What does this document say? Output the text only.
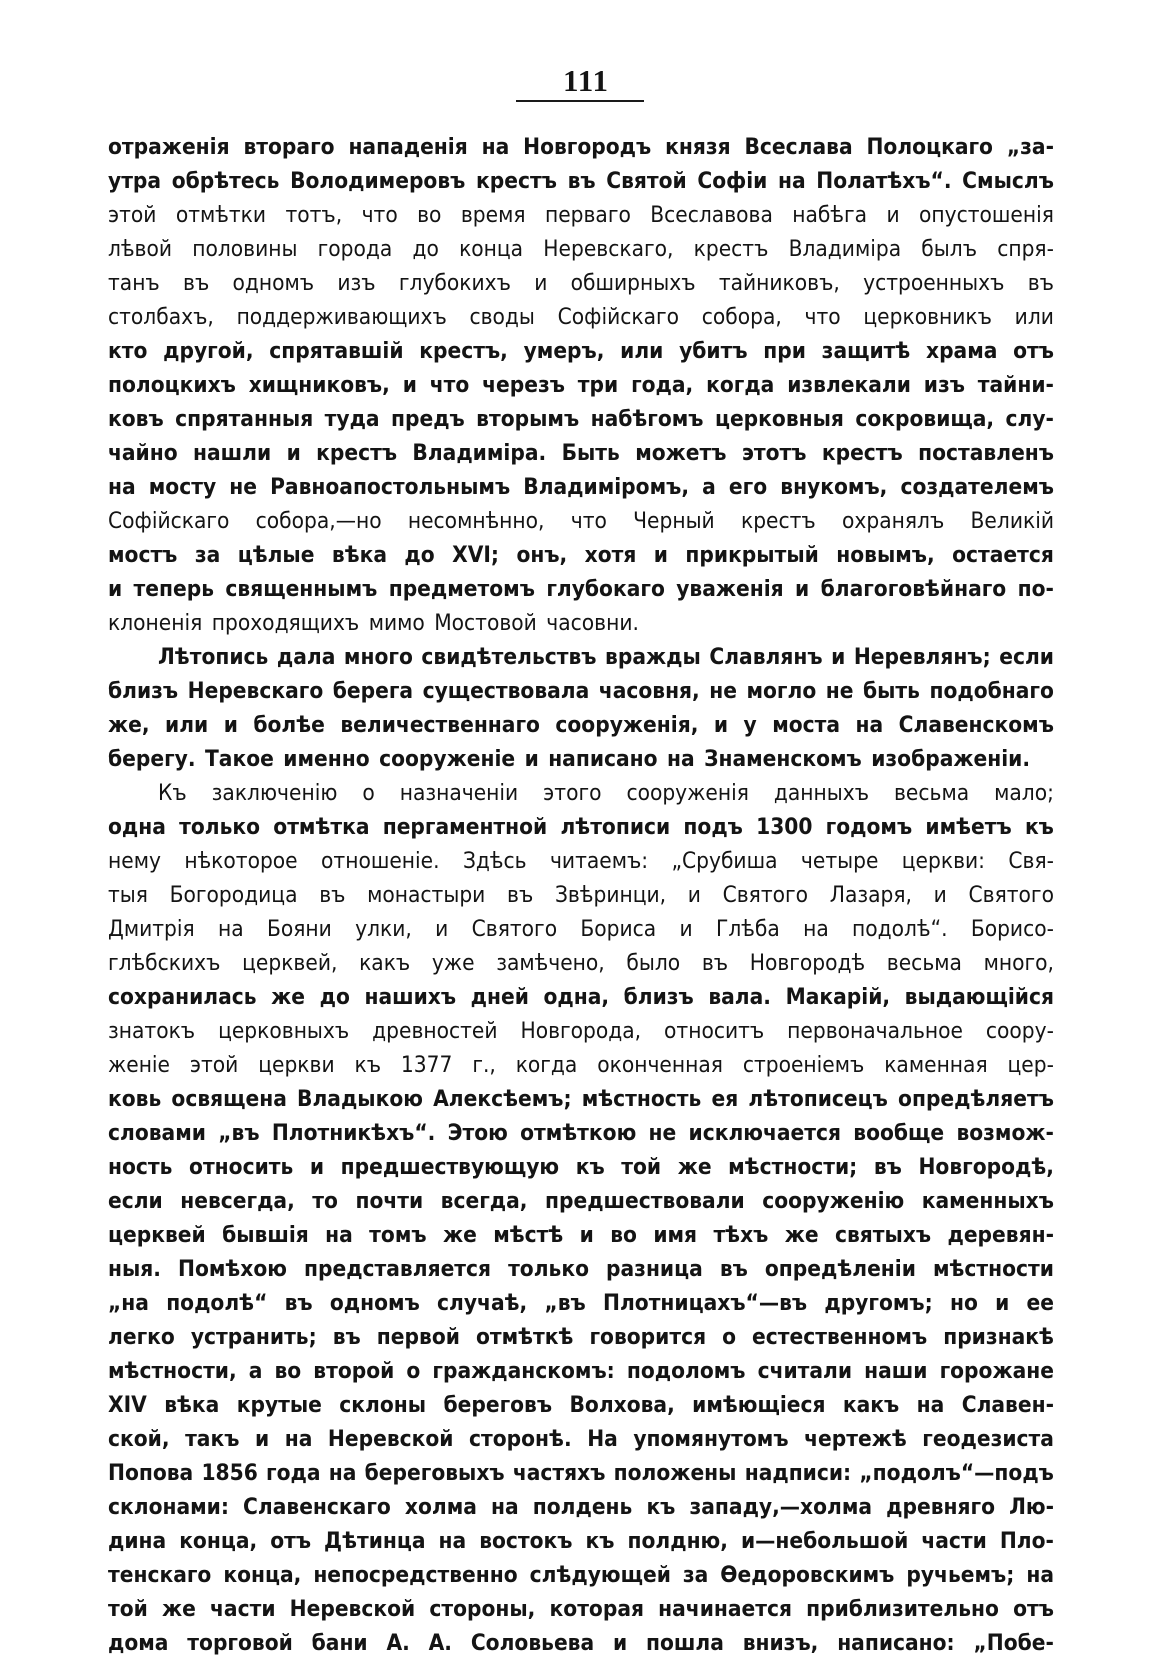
111
отраженія втораго нападенія на Новгородъ князя Всеслава Полоцкаго „за-
утра обрѣтесь Володимеровъ крестъ въ Святой Софіи на Полатѣхъ“. Смыслъ
этой отмѣтки тотъ, что во время перваго Всеславова набѣга и опустошенія
лѣвой половины города до конца Неревскаго, крестъ Владиміра былъ спря-
танъ въ одномъ изъ глубокихъ и обширныхъ тайниковъ, устроенныхъ въ
столбахъ, поддерживающихъ своды Софійскаго собора, что церковникъ или
кто другой, спрятавшій крестъ, умеръ, или убитъ при защитѣ храма отъ
полоцкихъ хищниковъ, и что черезъ три года, когда извлекали изъ тайни-
ковъ спрятанныя туда предъ вторымъ набѣгомъ церковныя сокровища, слу-
чайно нашли и крестъ Владиміра. Быть можетъ этотъ крестъ поставленъ
на мосту не Равноапостольнымъ Владиміромъ, а его внукомъ, создателемъ
Софійскаго собора,—но несомнѣнно, что Черный крестъ охранялъ Великій
мостъ за цѣлые вѣка до XVI; онъ, хотя и прикрытый новымъ, остается
и теперь священнымъ предметомъ глубокаго уваженія и благоговѣйнаго по-
клоненія проходящихъ мимо Мостовой часовни.
Лѣтопись дала много свидѣтельствъ вражды Славлянъ и Неревлянъ; если
близъ Неревскаго берега существовала часовня, не могло не быть подобнаго
же, или и болѣе величественнаго сооруженія, и у моста на Славенскомъ
берегу. Такое именно сооруженіе и написано на Знаменскомъ изображеніи.
Къ заключенію о назначеніи этого сооруженія данныхъ весьма мало;
одна только отмѣтка пергаментной лѣтописи подъ 1300 годомъ имѣетъ къ
нему нѣкоторое отношеніе. Здѣсь читаемъ: „Срубиша четыре церкви: Свя-
тыя Богородица въ монастыри въ Звѣринци, и Святого Лазаря, и Святого
Дмитрія на Бояни улки, и Святого Бориса и Глѣба на подолѣ“. Борисо-
глѣбскихъ церквей, какъ уже замѣчено, было въ Новгородѣ весьма много,
сохранилась же до нашихъ дней одна, близъ вала. Макарій, выдающійся
знатокъ церковныхъ древностей Новгорода, относитъ первоначальное соору-
женіе этой церкви къ 1377 г., когда оконченная строеніемъ каменная цер-
ковь освящена Владыкою Алексѣемъ; мѣстность ея лѣтописецъ опредѣляетъ
словами „въ Плотникѣхъ“. Этою отмѣткою не исключается вообще возмож-
ность относить и предшествующую къ той же мѣстности; въ Новгородѣ,
если невсегда, то почти всегда, предшествовали сооруженію каменныхъ
церквей бывшія на томъ же мѣстѣ и во имя тѣхъ же святыхъ деревян-
ныя. Помѣхою представляется только разница въ опредѣленіи мѣстности
„на подолѣ“ въ одномъ случаѣ, „въ Плотницахъ“—въ другомъ; но и ее
легко устранить; въ первой отмѣткѣ говорится о естественномъ признакѣ
мѣстности, а во второй о гражданскомъ: подоломъ считали наши горожане
XIV вѣка крутые склоны береговъ Волхова, имѣющіеся какъ на Славен-
ской, такъ и на Неревской сторонѣ. На упомянутомъ чертежѣ геодезиста
Попова 1856 года на береговыхъ частяхъ положены надписи: „подолъ“—подъ
склонами: Славенскаго холма на полдень къ западу,—холма древняго Лю-
дина конца, отъ Дѣтинца на востокъ къ полдню, и—небольшой части Пло-
тенскаго конца, непосредственно слѣдующей за Ѳедоровскимъ ручьемъ; на
той же части Неревской стороны, которая начинается приблизительно отъ
дома торговой бани А. А. Соловьева и пошла внизъ, написано: „Побе-
